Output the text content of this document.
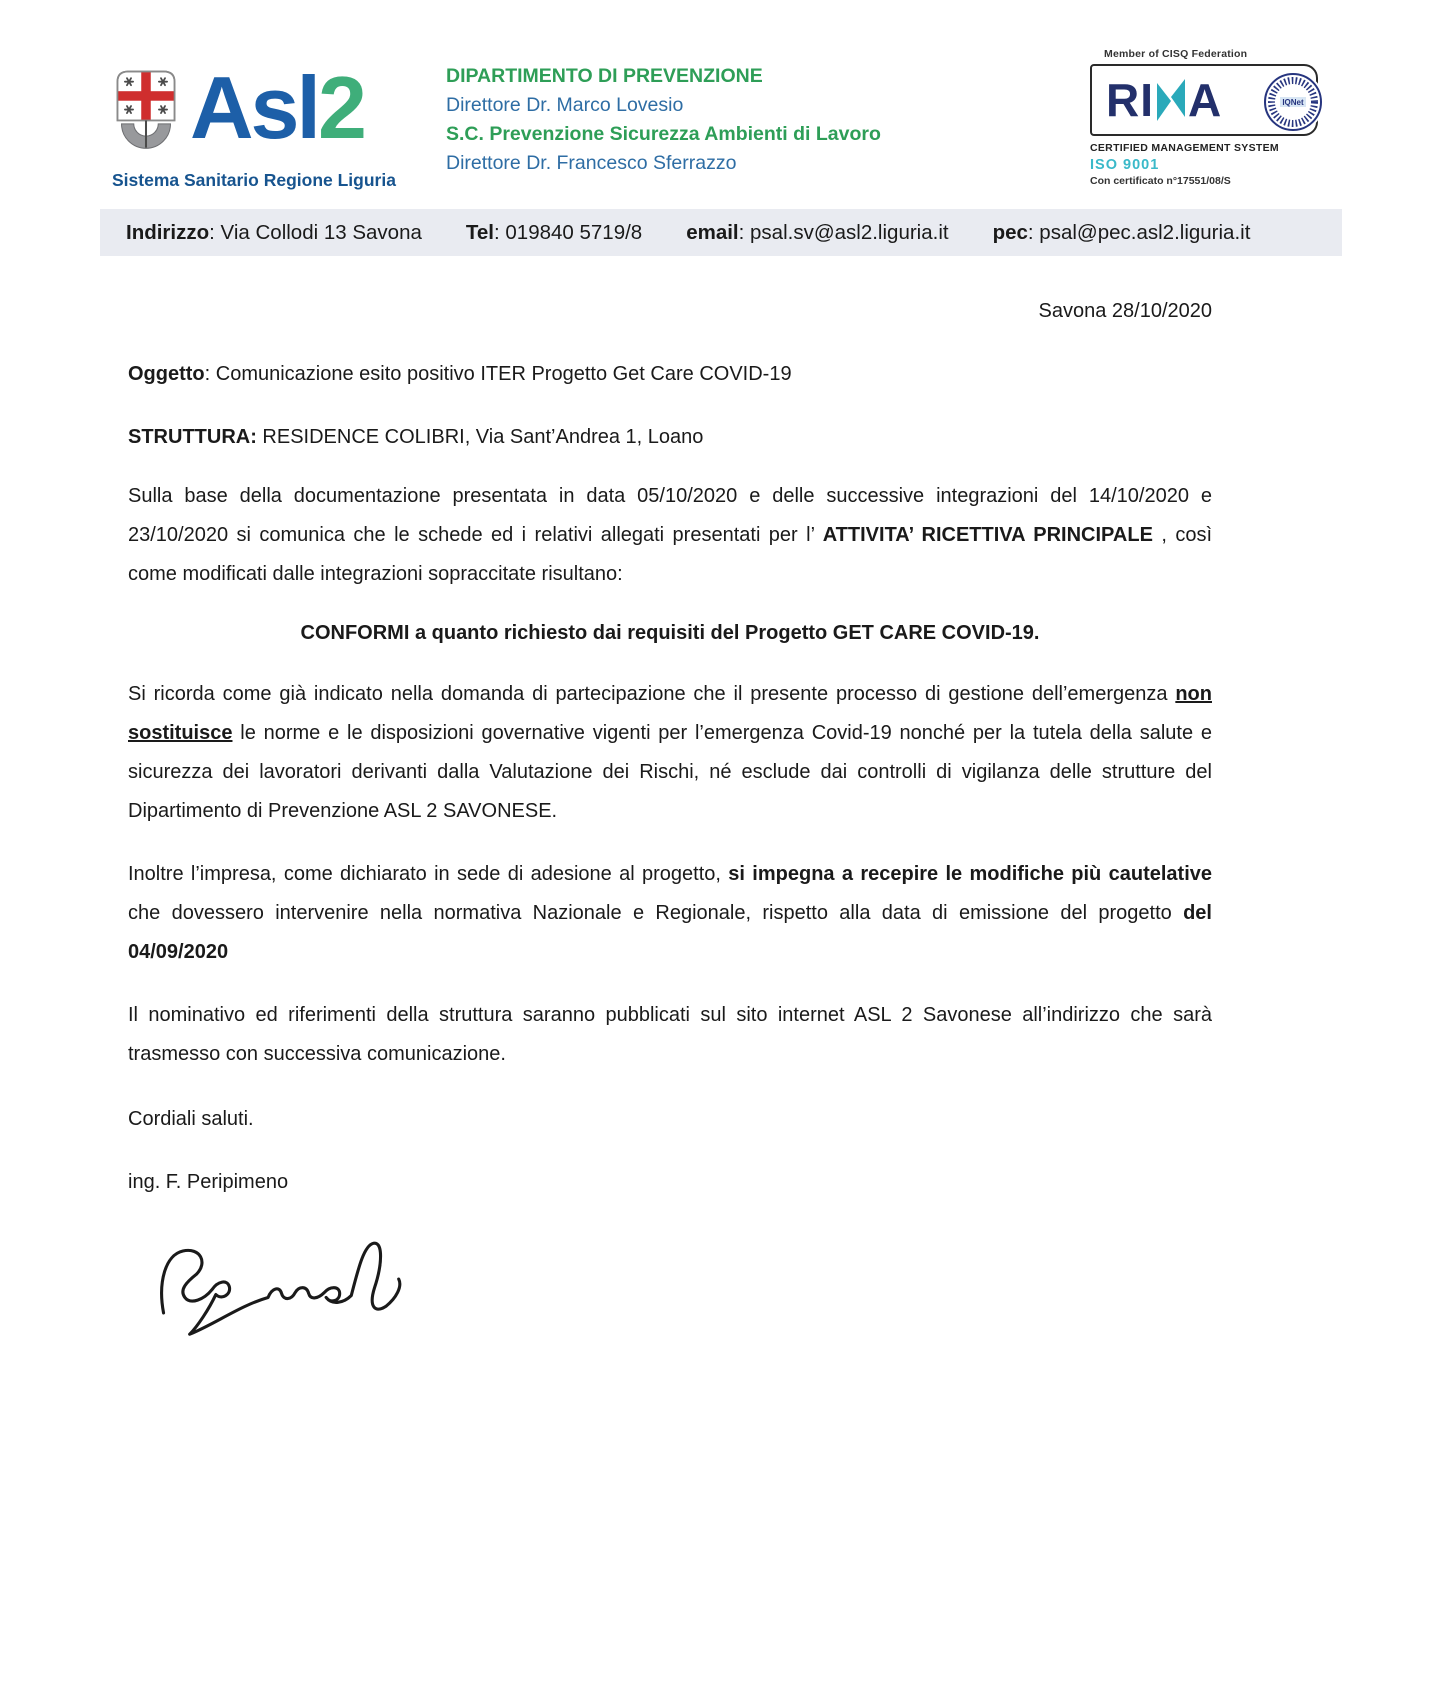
Asl2
Sistema Sanitario Regione Liguria
DIPARTIMENTO DI PREVENZIONE
Direttore Dr. Marco Lovesio
S.C. Prevenzione Sicurezza Ambienti di Lavoro
Direttore Dr. Francesco Sferrazzo
Member of CISQ Federation
RI A	IQNet
CERTIFIED MANAGEMENT SYSTEM
ISO 9001
Con certificato n°17551/08/S
Indirizzo: Via Collodi 13 Savona Tel: 019840 5719/8 email: psal.sv@asl2.liguria.it pec: psal@pec.asl2.liguria.it

Savona 28/10/2020

Oggetto: Comunicazione esito positivo ITER Progetto Get Care COVID-19

STRUTTURA: RESIDENCE COLIBRI, Via Sant’Andrea 1, Loano

Sulla base della documentazione presentata in data 05/10/2020 e delle successive integrazioni del 14/10/2020 e 23/10/2020 si comunica che le schede ed i relativi allegati presentati per l’ ATTIVITA’ RICETTIVA PRINCIPALE , così come modificati dalle integrazioni sopraccitate risultano:

CONFORMI a quanto richiesto dai requisiti del Progetto GET CARE COVID-19.

Si ricorda come già indicato nella domanda di partecipazione che il presente processo di gestione dell’emergenza non sostituisce le norme e le disposizioni governative vigenti per l’emergenza Covid-19 nonché per la tutela della salute e sicurezza dei lavoratori derivanti dalla Valutazione dei Rischi, né esclude dai controlli di vigilanza delle strutture del Dipartimento di Prevenzione ASL 2 SAVONESE.

Inoltre l’impresa, come dichiarato in sede di adesione al progetto, si impegna a recepire le modifiche più cautelative che dovessero intervenire nella normativa Nazionale e Regionale, rispetto alla data di emissione del progetto del 04/09/2020

Il nominativo ed riferimenti della struttura saranno pubblicati sul sito internet ASL 2 Savonese all’indirizzo che sarà trasmesso con successiva comunicazione.

Cordiali saluti.

ing. F. Peripimeno
